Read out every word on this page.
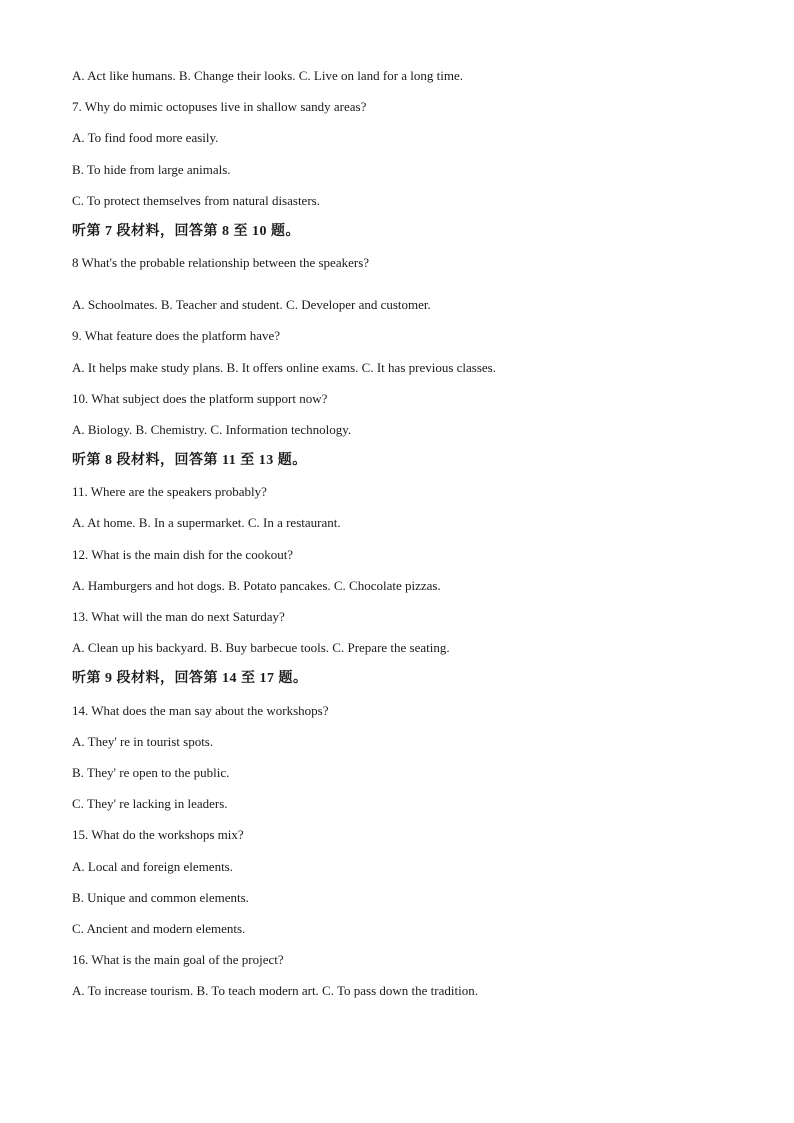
A. Act like humans. B. Change their looks. C. Live on land for a long time.
7. Why do mimic octopuses live in shallow sandy areas?
A. To find food more easily.
B. To hide from large animals.
C. To protect themselves from natural disasters.
听第 7 段材料，回答第 8 至 10 题。
8 What's the probable relationship between the speakers?
A. Schoolmates. B. Teacher and student. C. Developer and customer.
9. What feature does the platform have?
A. It helps make study plans. B. It offers online exams. C. It has previous classes.
10. What subject does the platform support now?
A. Biology. B. Chemistry. C. Information technology.
听第 8 段材料，回答第 11 至 13 题。
11. Where are the speakers probably?
A. At home. B. In a supermarket. C. In a restaurant.
12. What is the main dish for the cookout?
A. Hamburgers and hot dogs. B. Potato pancakes. C. Chocolate pizzas.
13. What will the man do next Saturday?
A. Clean up his backyard. B. Buy barbecue tools. C. Prepare the seating.
听第 9 段材料，回答第 14 至 17 题。
14. What does the man say about the workshops?
A. They' re in tourist spots.
B. They' re open to the public.
C. They' re lacking in leaders.
15. What do the workshops mix?
A. Local and foreign elements.
B. Unique and common elements.
C. Ancient and modern elements.
16. What is the main goal of the project?
A. To increase tourism. B. To teach modern art. C. To pass down the tradition.
